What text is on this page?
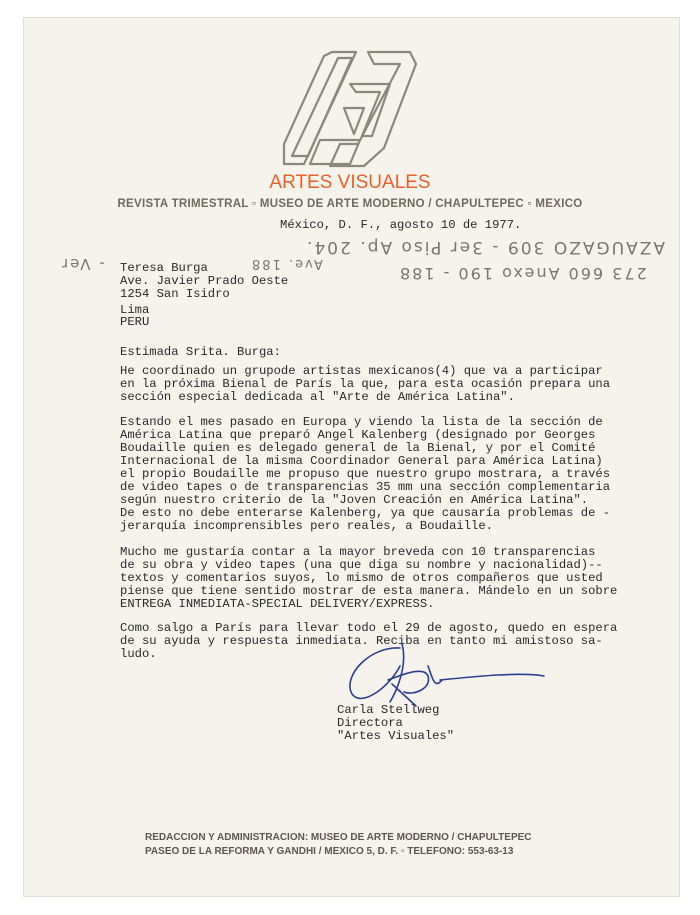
ARTES VISUALES
REVISTA TRIMESTRAL ▫ MUSEO DE ARTE MODERNO / CHAPULTEPEC ▫ MEXICO
México, D. F., agosto 10 de 1977.
AZAUGAZO 309 - 3er Piso Ap. 204.
273 660 Anexo 190 - 188
- Ver	Ave. 188
Teresa Burga
Ave. Javier Prado Oeste
1254 San Isidro
Lima
PERU
Estimada Srita. Burga:
He coordinado un grupode artistas mexicanos(4) que va a participar
en la próxima Bienal de París la que, para esta ocasión prepara una
sección especial dedicada al "Arte de América Latina".
Estando el mes pasado en Europa y viendo la lista de la sección de
América Latina que preparó Angel Kalenberg (designado por Georges
Boudaille quien es delegado general de la Bienal, y por el Comité
Internacional de la misma Coordinador General para América Latina)
el propio Boudaille me propuso que nuestro grupo mostrara, a través
de video tapes o de transparencias 35 mm una sección complementaria
según nuestro criterio de la "Joven Creación en América Latina".
De esto no debe enterarse Kalenberg, ya que causaría problemas de -
jerarquía incomprensibles pero reales, a Boudaille.
Mucho me gustaría contar a la mayor breveda con 10 transparencias
de su obra y video tapes (una que diga su nombre y nacionalidad)--
textos y comentarios suyos, lo mismo de otros compañeros que usted
piense que tiene sentido mostrar de esta manera. Mándelo en un sobre
ENTREGA INMEDIATA-SPECIAL DELIVERY/EXPRESS.
Como salgo a París para llevar todo el 29 de agosto, quedo en espera
de su ayuda y respuesta inmediata. Reciba en tanto mi amistoso sa-
ludo.
Carla Stellweg
Directora
"Artes Visuales"
REDACCION Y ADMINISTRACION: MUSEO DE ARTE MODERNO / CHAPULTEPEC
PASEO DE LA REFORMA Y GANDHI / MEXICO 5, D. F. ▫ TELEFONO: 553-63-13
